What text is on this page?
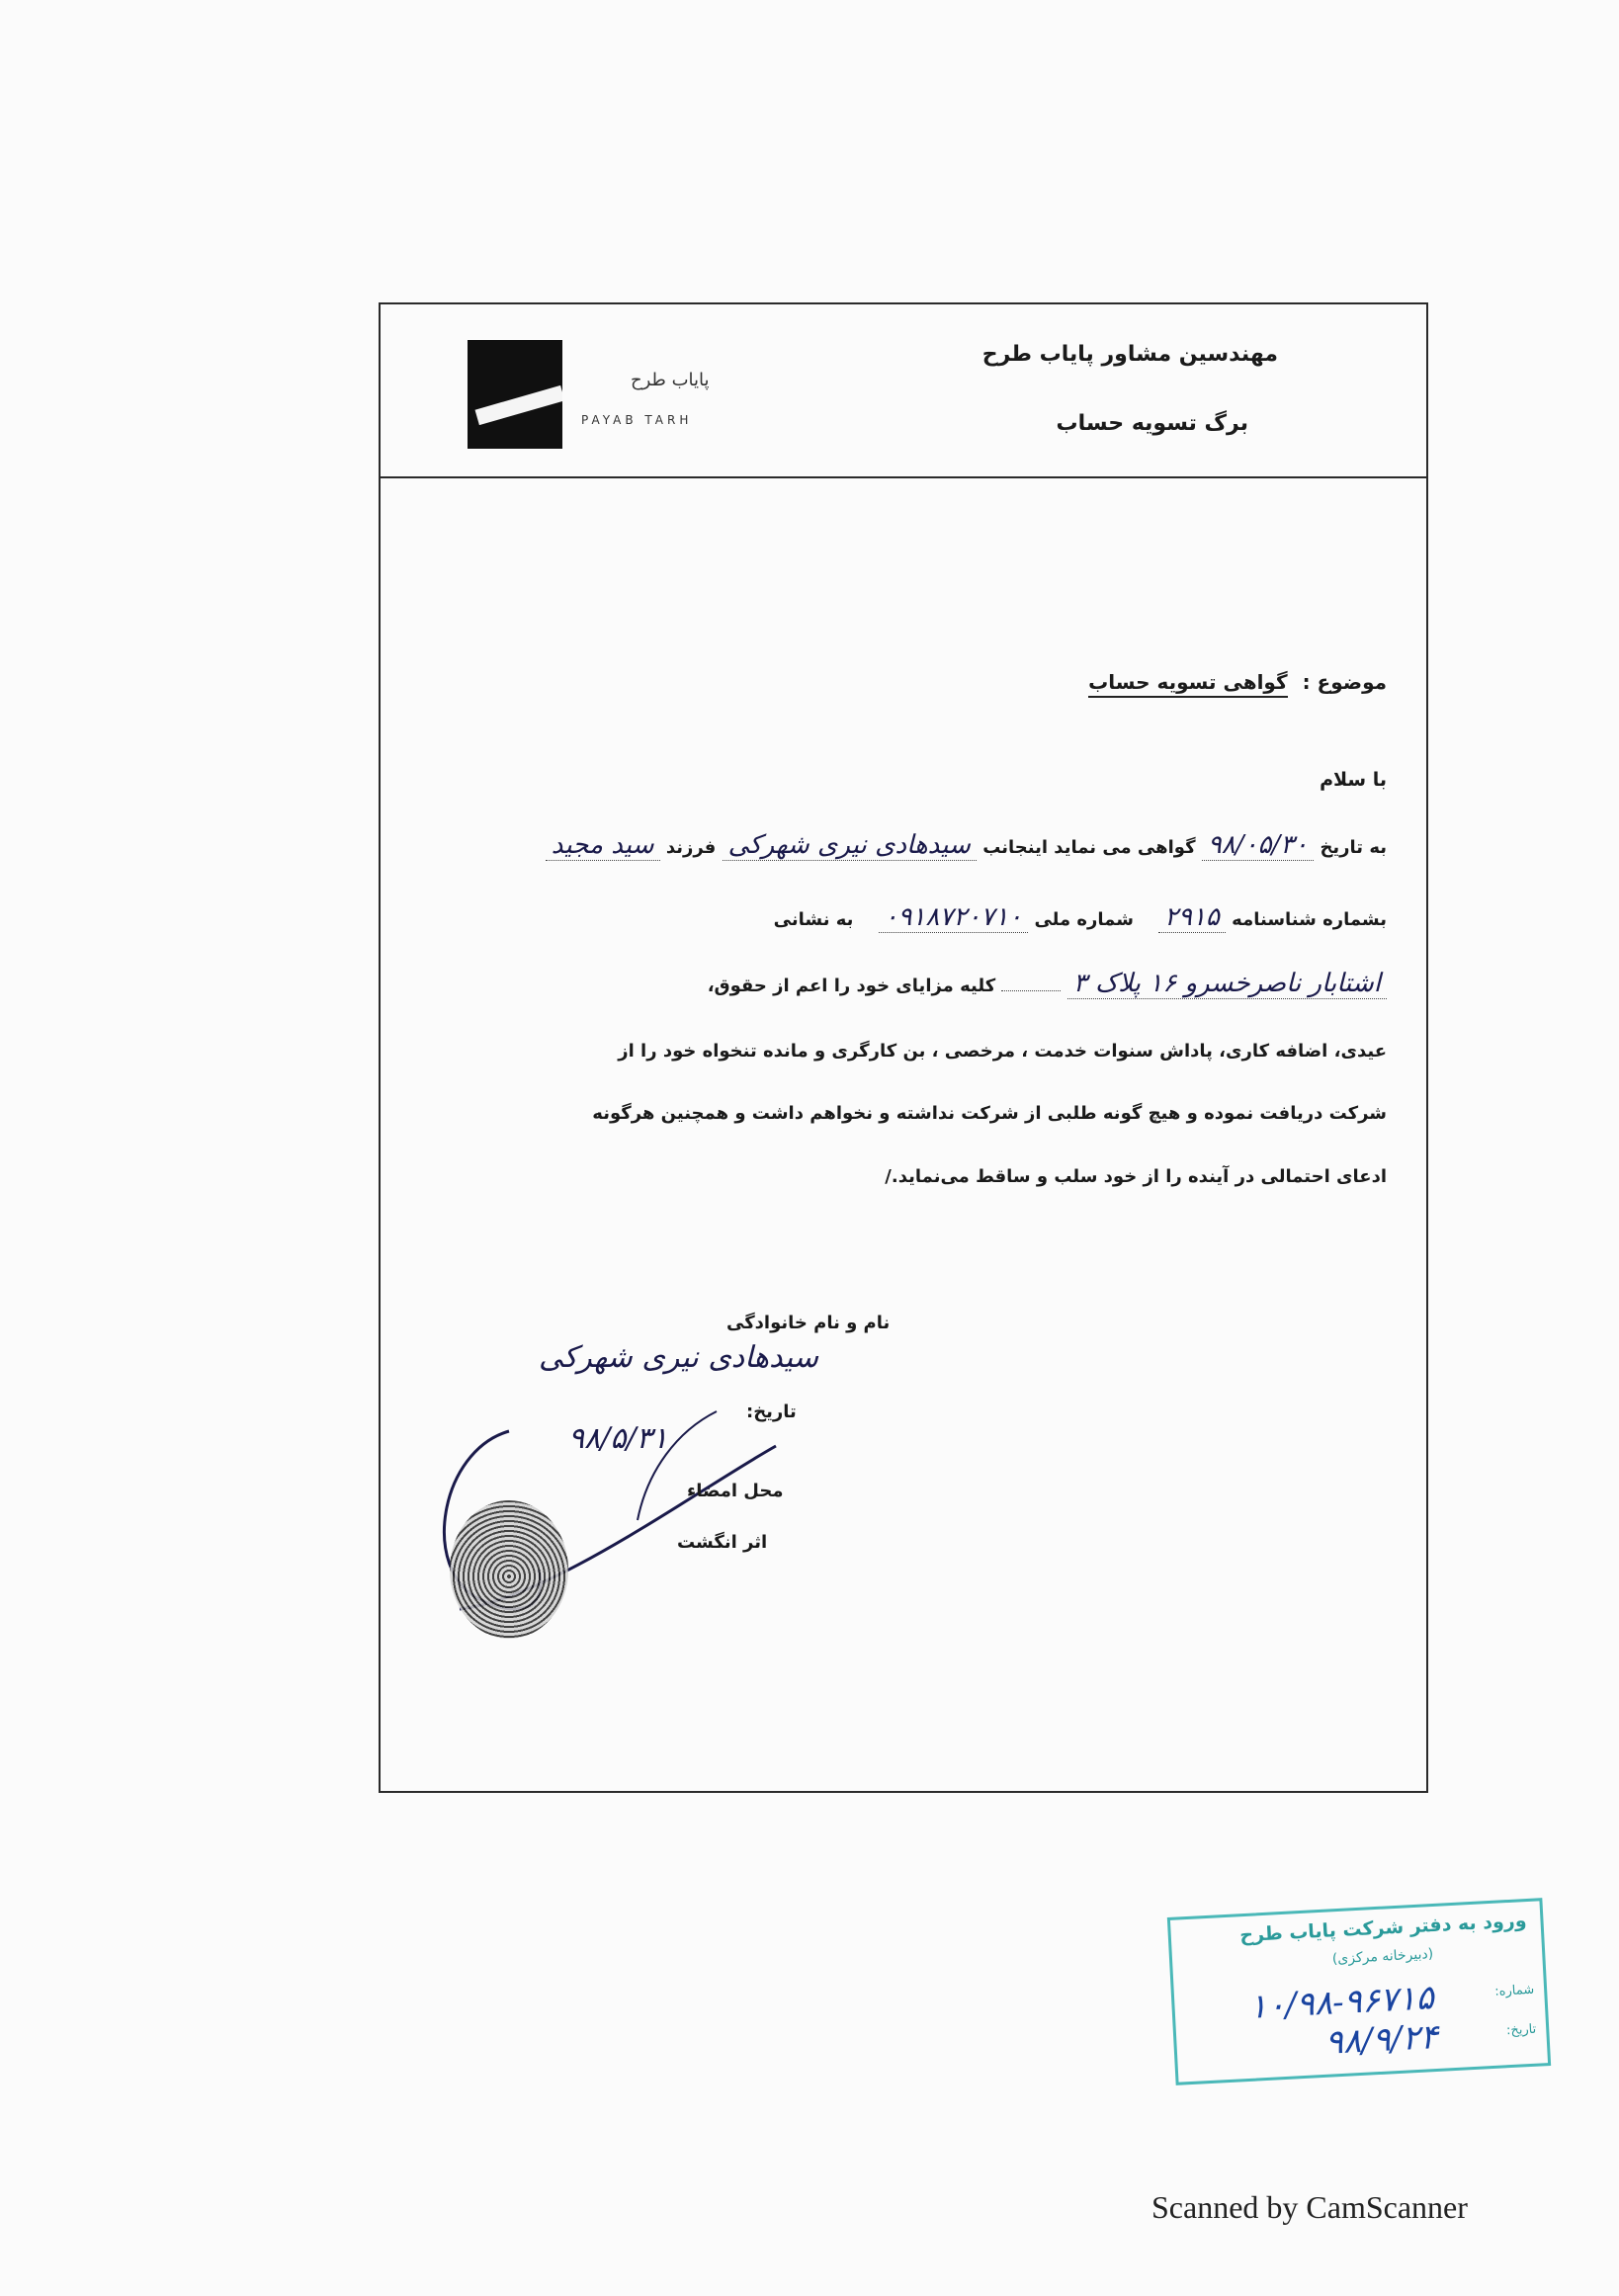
مهندسین مشاور پایاب طرح
برگ تسویه حساب
پایاب طرح
PAYAB TARH
موضوع : گواهی تسویه حساب
با سلام
به تاریخ ۹۸/۰۵/۳۰ گواهی می نماید اینجانب سیدهادی نیری شهرکی فرزند سید مجید
بشماره شناسنامه ۲۹۱۵    شماره ملی ۰۹۱۸۷۲۰۷۱۰    به نشانی
اشتابار ناصرخسرو ۱۶ پلاک ۳  کلیه مزایای خود را اعم از حقوق،
عیدی، اضافه کاری، پاداش سنوات خدمت ، مرخصی ، بن کارگری و مانده تنخواه خود را از
شرکت دریافت نموده و هیچ گونه طلبی از شرکت نداشته و نخواهم داشت و همچنین هرگونه
ادعای احتمالی در آینده را از خود سلب و ساقط می‌نماید./
نام و نام خانوادگی
سیدهادی نیری شهرکی
تاریخ:
۹۸/۵/۳۱
محل امضاء
اثر انگشت
ورود به دفتر شرکت پایاب طرح
(دبیرخانه مرکزی)
شماره:
۱۰/۹۸-۹۶۷۱۵
تاریخ:
۹۸/۹/۲۴
Scanned by CamScanner
